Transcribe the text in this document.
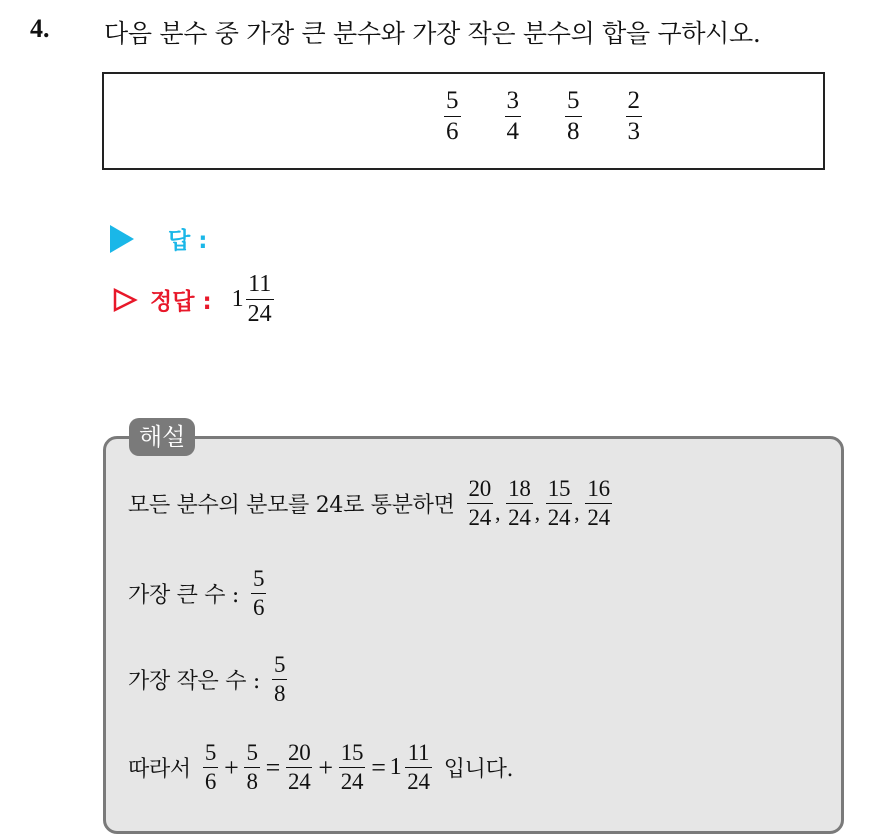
4. 다음 분수 중 가장 큰 분수와 가장 작은 분수의 합을 구하시오.
$\frac{5}{6} \frac{3}{4} \frac{5}{8} \frac{2}{3}$
답 :
정답 : $1 \frac{11}{24}$
모든 분수의 분모를 24로 통분하면 $\frac{20}{24}$ , $\frac{18}{24}$ , $\frac{15}{24}$ , $\frac{16}{24}$
가장 큰 수 : $\frac{5}{6}$
가장 작은 수 : $\frac{5}{8}$
따라서 $\frac{5}{6} + \frac{5}{8} = \frac{20}{24} + \frac{15}{24} = 1 \frac{11}{24}$ 입니다.
해설
